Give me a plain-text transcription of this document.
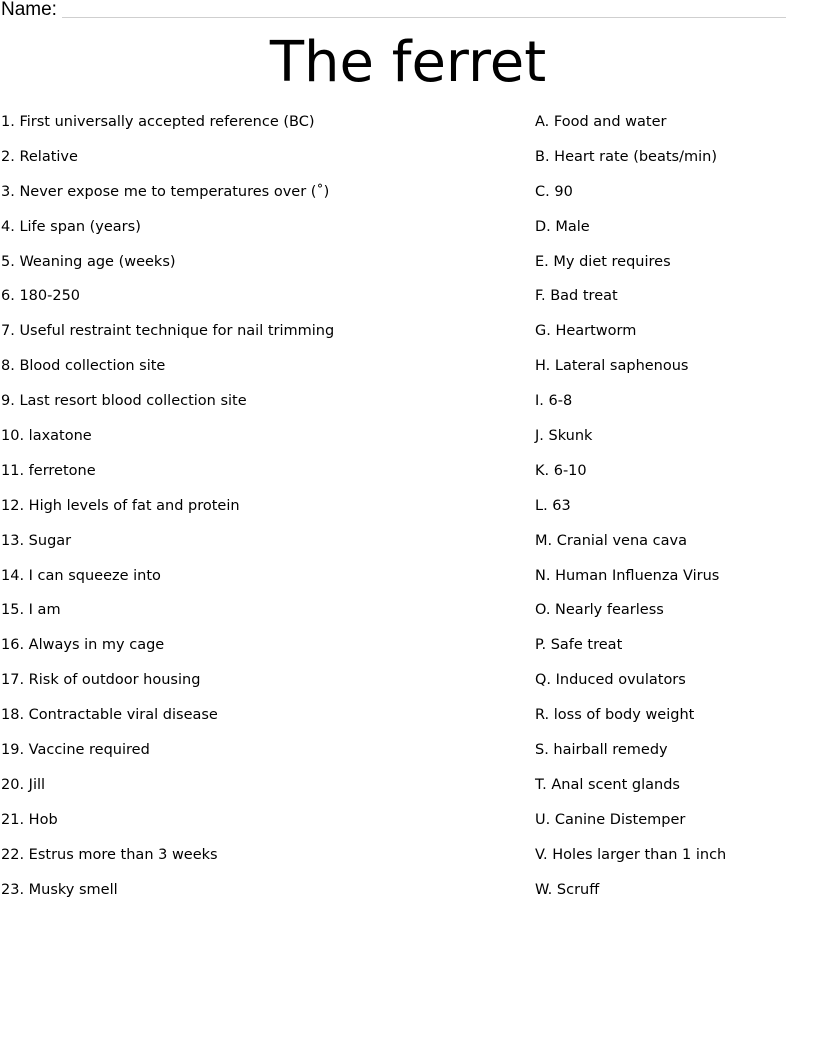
Name:
The ferret
1. First universally accepted reference (BC)
2. Relative
3. Never expose me to temperatures over (˚)
4. Life span (years)
5. Weaning age (weeks)
6. 180-250
7. Useful restraint technique for nail trimming
8. Blood collection site
9. Last resort blood collection site
10. laxatone
11. ferretone
12. High levels of fat and protein
13. Sugar
14. I can squeeze into
15. I am
16. Always in my cage
17. Risk of outdoor housing
18. Contractable viral disease
19. Vaccine required
20. Jill
21. Hob
22. Estrus more than 3 weeks
23. Musky smell
A. Food and water
B. Heart rate (beats/min)
C. 90
D. Male
E. My diet requires
F. Bad treat
G. Heartworm
H. Lateral saphenous
I. 6-8
J. Skunk
K. 6-10
L. 63
M. Cranial vena cava
N. Human Influenza Virus
O. Nearly fearless
P. Safe treat
Q. Induced ovulators
R. loss of body weight
S. hairball remedy
T. Anal scent glands
U. Canine Distemper
V. Holes larger than 1 inch
W. Scruff
